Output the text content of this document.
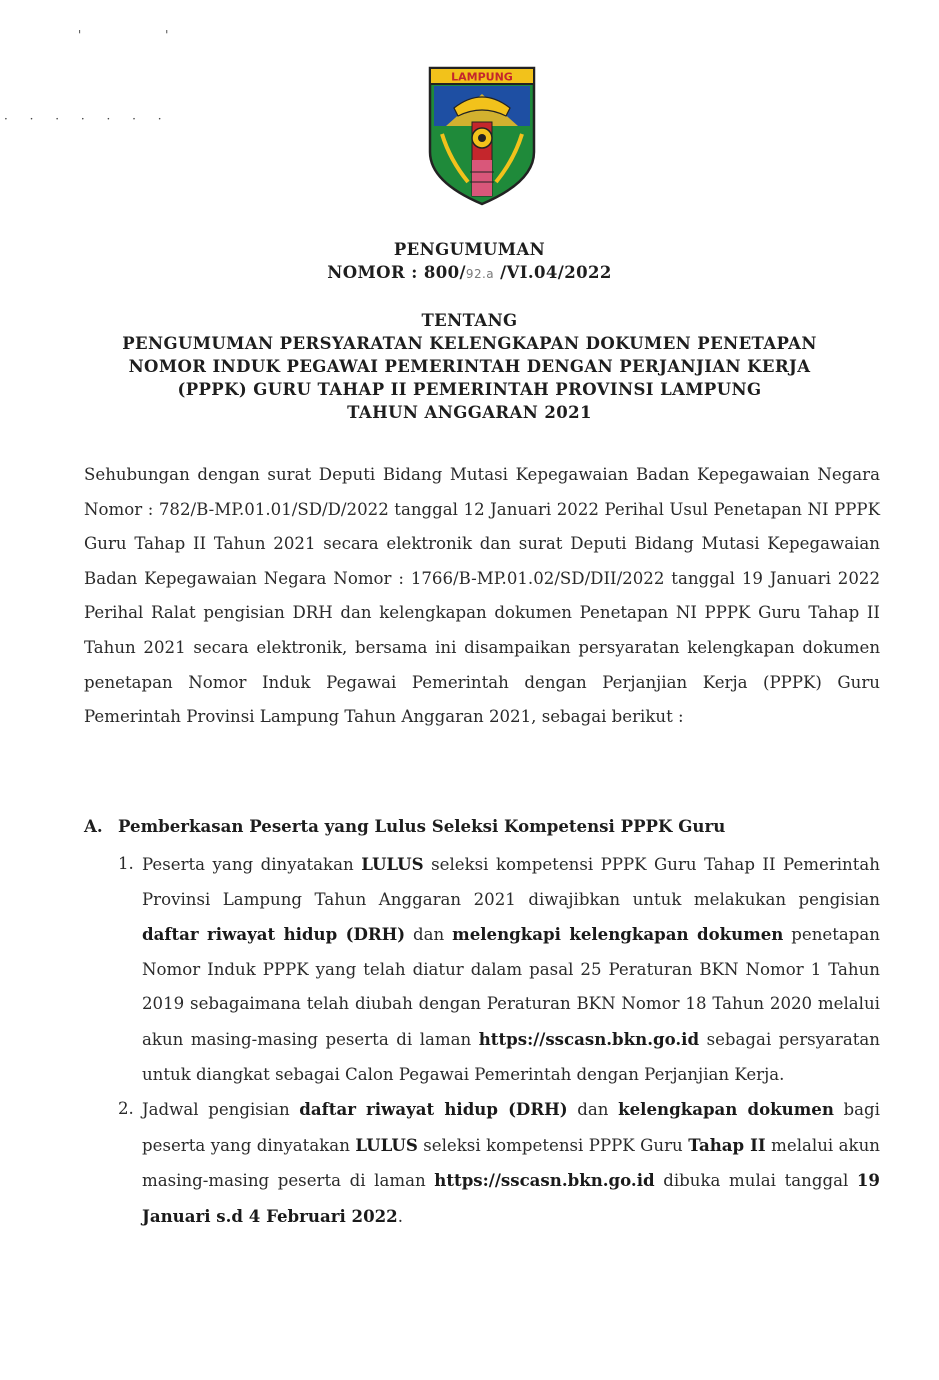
' '
· · · · · · ·
LAMPUNG

PENGUMUMAN

NOMOR : 800/92.a /VI.04/2022

TENTANG

PENGUMUMAN PERSYARATAN KELENGKAPAN DOKUMEN PENETAPAN

NOMOR INDUK PEGAWAI PEMERINTAH DENGAN PERJANJIAN KERJA

(PPPK) GURU TAHAP II PEMERINTAH PROVINSI LAMPUNG

TAHUN ANGGARAN 2021

Sehubungan dengan surat Deputi Bidang Mutasi Kepegawaian Badan Kepegawaian Negara Nomor : 782/B-MP.01.01/SD/D/2022 tanggal 12 Januari 2022 Perihal Usul Penetapan NI PPPK Guru Tahap II Tahun 2021 secara elektronik dan surat Deputi Bidang Mutasi Kepegawaian Badan Kepegawaian Negara Nomor : 1766/B-MP.01.02/SD/DII/2022 tanggal 19 Januari 2022 Perihal Ralat pengisian DRH dan kelengkapan dokumen Penetapan NI PPPK Guru Tahap II Tahun 2021 secara elektronik, bersama ini disampaikan persyaratan kelengkapan dokumen penetapan Nomor Induk Pegawai Pemerintah dengan Perjanjian Kerja (PPPK) Guru Pemerintah Provinsi Lampung Tahun Anggaran 2021, sebagai berikut :

A. Pemberkasan Peserta yang Lulus Seleksi Kompetensi PPPK Guru
1. Peserta yang dinyatakan LULUS seleksi kompetensi PPPK Guru Tahap II Pemerintah Provinsi Lampung Tahun Anggaran 2021 diwajibkan untuk melakukan pengisian daftar riwayat hidup (DRH) dan melengkapi kelengkapan dokumen penetapan Nomor Induk PPPK yang telah diatur dalam pasal 25 Peraturan BKN Nomor 1 Tahun 2019 sebagaimana telah diubah dengan Peraturan BKN Nomor 18 Tahun 2020 melalui akun masing-masing peserta di laman https://sscasn.bkn.go.id sebagai persyaratan untuk diangkat sebagai Calon Pegawai Pemerintah dengan Perjanjian Kerja.
2. Jadwal pengisian daftar riwayat hidup (DRH) dan kelengkapan dokumen bagi peserta yang dinyatakan LULUS seleksi kompetensi PPPK Guru Tahap II melalui akun masing-masing peserta di laman https://sscasn.bkn.go.id dibuka mulai tanggal 19 Januari s.d 4 Februari 2022.
